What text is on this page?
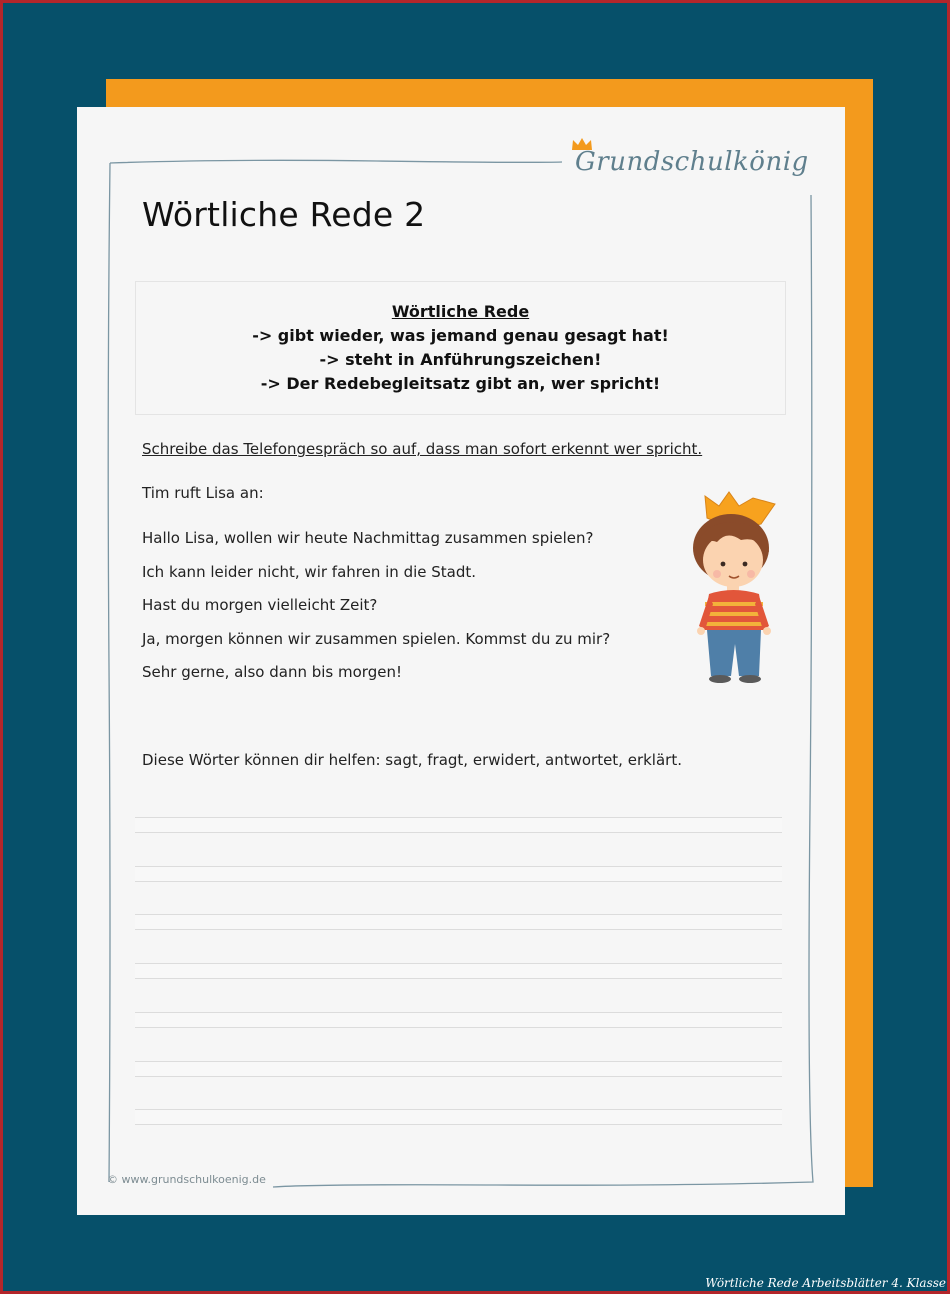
Grundschulkönig
Wörtliche Rede 2
Wörtliche Rede
-> gibt wieder, was jemand genau gesagt hat!
-> steht in Anführungszeichen!
-> Der Redebegleitsatz gibt an, wer spricht!
Schreibe das Telefongespräch so auf, dass man sofort erkennt wer spricht.
Tim ruft Lisa an:
Hallo Lisa, wollen wir heute Nachmittag zusammen spielen?
Ich kann leider nicht, wir fahren in die Stadt.
Hast du morgen vielleicht Zeit?
Ja, morgen können wir zusammen spielen. Kommst du zu mir?
Sehr gerne, also dann bis morgen!
Diese Wörter können dir helfen: sagt, fragt, erwidert, antwortet, erklärt.
© www.grundschulkoenig.de
Wörtliche Rede Arbeitsblätter 4. Klasse
